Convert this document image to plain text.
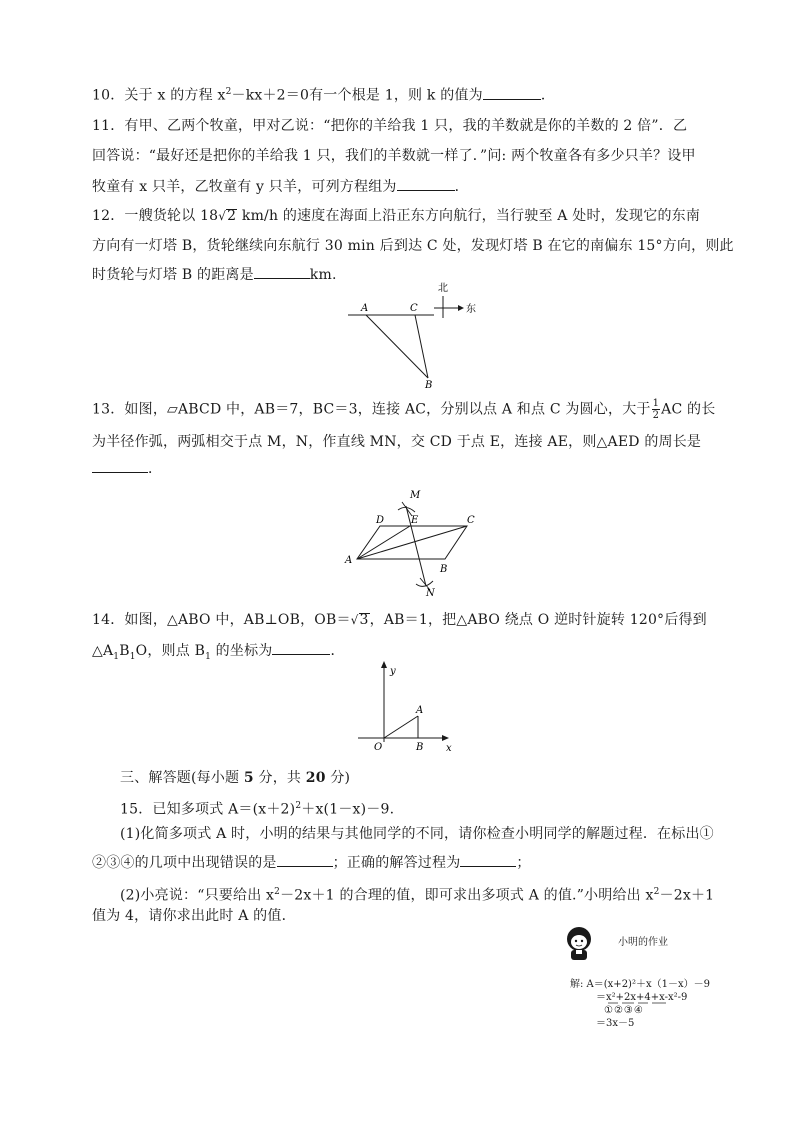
10．关于 x 的方程 $x^2-kx+2=0$有一个根是 1，则 k 的值为	．
11．有甲、乙两个牧童，甲对乙说：“把你的羊给我 1 只，我的羊数就是你的羊数的 2 倍”．乙
回答说：“最好还是把你的羊给我 1 只，我们的羊数就一样了．”问: 两个牧童各有多少只羊？设甲
牧童有 x 只羊，乙牧童有 y 只羊，可列方程组为	．
12．一艘货轮以 18√2 km/h 的速度在海面上沿正东方向航行，当行驶至 A 处时，发现它的东南
方向有一灯塔 B，货轮继续向东航行 30 min 后到达 C 处，发现灯塔 B 在它的南偏东 15°方向，则此
时货轮与灯塔 B 的距离是	km.
A	C
B
北
东
13．如图，▱ABCD 中，AB＝7，BC＝3，连接 AC，分别以点 A 和点 C 为圆心，大于 $\frac{1}{2}$ AC 的长
为半径作弧，两弧相交于点 M，N，作直线 MN，交 CD 于点 E，连接 AE，则△AED 的周长是
．
M
D	E	C
A
B
N
14．如图，△ABO 中，AB⊥OB，OB＝√3，AB＝1，把△ABO 绕点 O 逆时针旋转 120°后得到
$\triangle A_1B_1O$，则点 $B_1$ 的坐标为	．
y
x
O
A
B
三、解答题(每小题 5 分，共 20 分)
15．已知多项式 $A=(x+2)^2+x(1-x)-9$.
(1)化简多项式 A 时，小明的结果与其他同学的不同，请你检查小明同学的解题过程．在标出①
②③④的几项中出现错误的是	；正确的解答过程为	；
(2)小亮说：“只要给出 $x^2-2x+1$ 的合理的值，即可求出多项式 A 的值.”小明给出 $x^2-2x+1$
值为 4，请你求出此时 A 的值．
小明的作业
解: A＝(x+2)²＋x（1－x）－9
＝x²+2x+4+x-x²-9
①②③④
＝3x－5
